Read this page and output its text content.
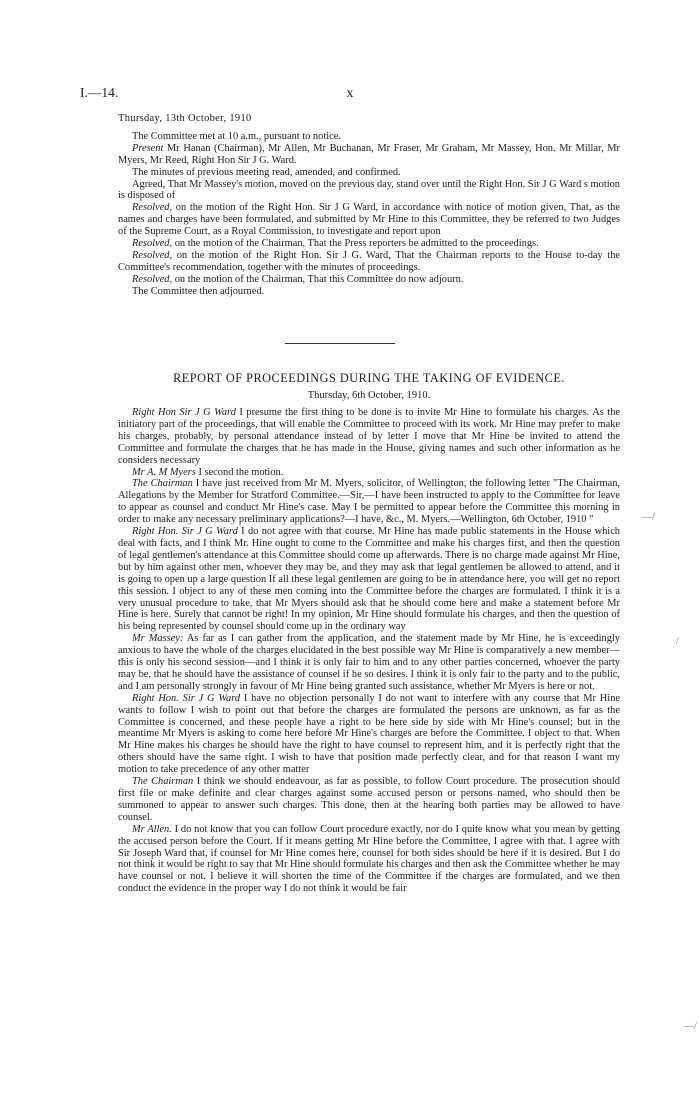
I.—14.	x

Thursday, 13th October, 1910

The Committee met at 10 a.m., pursuant to notice.

Present Mr Hanan (Chairman), Mr Allen, Mr Buchanan, Mr Fraser, Mr Graham, Mr Massey, Hon. Mr Millar, Mr Myers, Mr Reed, Right Hon Sir J G. Ward.

The minutes of previous meeting read, amended, and confirmed.

Agreed, That Mr Massey's motion, moved on the previous day, stand over until the Right Hon. Sir J G Ward s motion is disposed of

Resolved, on the motion of the Right Hon. Sir J G Ward, in accordance with notice of motion given, That, as the names and charges have been formulated, and submitted by Mr Hine to this Committee, they be referred to two Judges of the Supreme Court, as a Royal Commission, to investigate and report upon

Resolved, on the motion of the Chairman, That the Press reporters be admitted to the proceedings.

Resolved, on the motion of the Right Hon. Sir J G. Ward, That the Chairman reports to the House to-day the Committee's recommendation, together with the minutes of proceedings.

Resolved, on the motion of the Chairman, That this Committee do now adjourn.

The Committee then adjourned.

REPORT OF PROCEEDINGS DURING THE TAKING OF EVIDENCE.
Thursday, 6th October, 1910.

Right Hon Sir J G Ward I presume the first thing to be done is to invite Mr Hine to formulate his charges. As the initiatory part of the proceedings, that will enable the Committee to proceed with its work. Mr Hine may prefer to make his charges, probably, by personal attendance instead of by letter I move that Mr Hine be invited to attend the Committee and formulate the charges that he has made in the House, giving names and such other information as he considers necessary

Mr A. M Myers I second the motion.

The Chairman I have just received from Mr M. Myers, solicitor, of Wellington, the following letter "The Chairman, Allegations by the Member for Stratford Committee.—Sir,—I have been instructed to apply to the Committee for leave to appear as counsel and conduct Mr Hine's case. May I be permitted to appear before the Committee this morning in order to make any necessary preliminary applications?—I have, &c., M. Myers.—Wellington, 6th October, 1910 "

Right Hon. Sir J G Ward I do not agree with that course. Mr Hine has made public statements in the House which deal with facts, and I think Mr. Hine ought to come to the Committee and make his charges first, and then the question of legal gentlemen's attendance at this Committee should come up afterwards. There is no charge made against Mr Hine, but by him against other men, whoever they may be, and they may ask that legal gentlemen be allowed to attend, and it is going to open up a large question If all these legal gentlemen are going to be in attendance here, you will get no report this session. I object to any of these men coming into the Committee before the charges are formulated. I think it is a very unusual procedure to take, that Mr Myers should ask that he should come here and make a statement before Mr Hine is here. Surely that cannot be right! In my opinion, Mr Hine should formulate his charges, and then the question of his being represented by counsel should come up in the ordinary way

Mr Massey: As far as I can gather from the application, and the statement made by Mr Hine, he is exceedingly anxious to have the whole of the charges elucidated in the best possible way Mr Hine is comparatively a new member—this is only his second session—and I think it is only fair to him and to any other parties concerned, whoever the party may be, that he should have the assistance of counsel if he so desires. I think it is only fair to the party and to the public, and I am personally strongly in favour of Mr Hine being granted such assistance, whether Mr Myers is here or not.

Right Hon. Sir J G Ward I have no objection personally I do not want to interfere with any course that Mr Hine wants to follow I wish to point out that before the charges are formulated the persons are unknown, as far as the Committee is concerned, and these people have a right to be here side by side with Mr Hine's counsel; but in the meantime Mr Myers is asking to come here before Mr Hine's charges are before the Committee. I object to that. When Mr Hine makes his charges he should have the right to have counsel to represent him, and it is perfectly right that the others should have the same right. I wish to have that position made perfectly clear, and for that reason I want my motion to take precedence of any other matter

The Chairman I think we should endeavour, as far as possible, to follow Court procedure. The prosecution should first file or make definite and clear charges against some accused person or persons named, who should then be summoned to appear to answer such charges. This done, then at the hearing both parties may be allowed to have counsel.

Mr Allen. I do not know that you can follow Court procedure exactly, nor do I quite know what you mean by getting the accused person before the Court. If it means getting Mr Hine before the Committee, I agree with that. I agree with Sir Joseph Ward that, if counsel for Mr Hine comes here, counsel for both sides should be here if it is desired. But I do not think it would be right to say that Mr Hine should formulate his charges and then ask the Committee whether he may have counsel or not. I believe it will shorten the time of the Committee if the charges are formulated, and we then conduct the evidence in the proper way I do not think it would be fair

—/
/
—/
